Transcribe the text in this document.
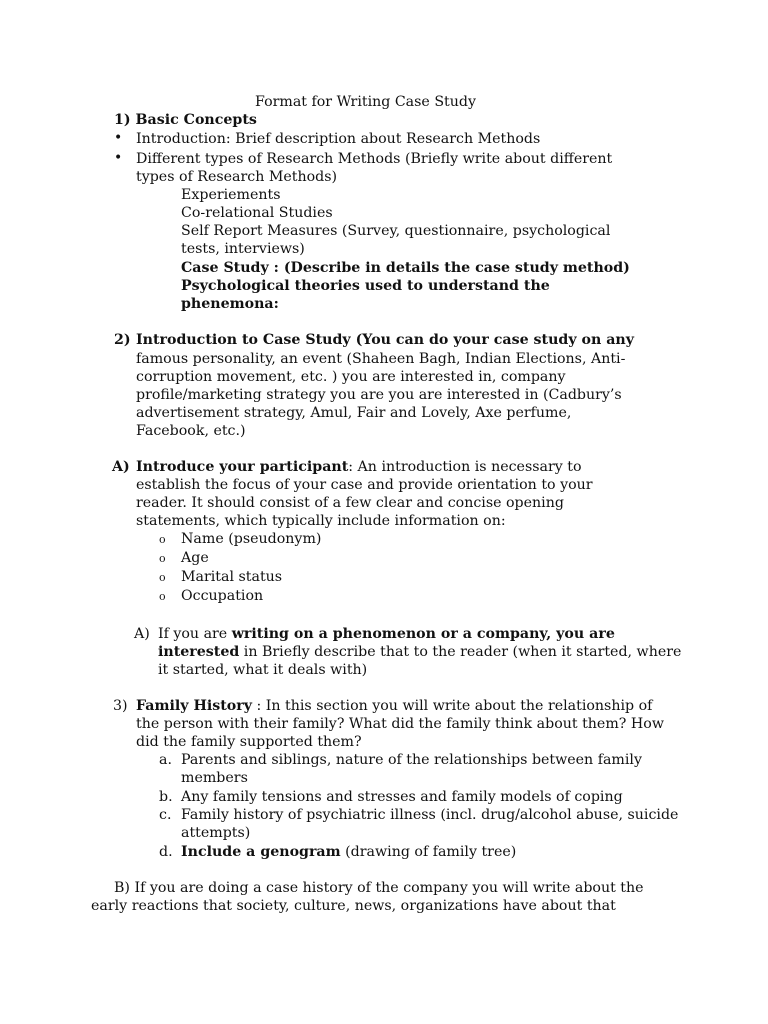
Format for Writing Case Study
1) Basic Concepts
• Introduction: Brief description about Research Methods
• Different types of Research Methods (Briefly write about different
types of Research Methods)
Experiements
Co-relational Studies
Self Report Measures (Survey, questionnaire, psychological
tests, interviews)
Case Study : (Describe in details the case study method)
Psychological theories used to understand the
phenemona:
2) Introduction to Case Study (You can do your case study on any
famous personality, an event (Shaheen Bagh, Indian Elections, Anti-
corruption movement, etc. ) you are interested in, company
profile/marketing strategy you are you are interested in (Cadbury’s
advertisement strategy, Amul, Fair and Lovely, Axe perfume,
Facebook, etc.)
A) Introduce your participant: An introduction is necessary to
establish the focus of your case and provide orientation to your
reader. It should consist of a few clear and concise opening
statements, which typically include information on:
o Name (pseudonym)
o Age
o Marital status
o Occupation
A) If you are writing on a phenomenon or a company, you are
interested in Briefly describe that to the reader (when it started, where
it started, what it deals with)
3) Family History : In this section you will write about the relationship of
the person with their family? What did the family think about them? How
did the family supported them?
a. Parents and siblings, nature of the relationships between family
members
b. Any family tensions and stresses and family models of coping
c. Family history of psychiatric illness (incl. drug/alcohol abuse, suicide
attempts)
d. Include a genogram (drawing of family tree)
B) If you are doing a case history of the company you will write about the
early reactions that society, culture, news, organizations have about that
